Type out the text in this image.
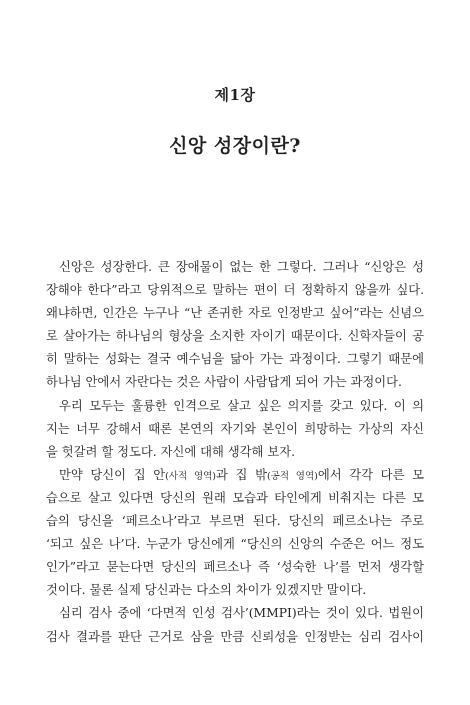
제1장
신앙 성장이란?
신앙은 성장한다. 큰 장애물이 없는 한 그렇다. 그러나 “신앙은 성
장해야 한다”라고 당위적으로 말하는 편이 더 정확하지 않을까 싶다.
왜냐하면, 인간은 누구나 “난 존귀한 자로 인정받고 싶어”라는 신념으
로 살아가는 하나님의 형상을 소지한 자이기 때문이다. 신학자들이 공
히 말하는 성화는 결국 예수님을 닮아 가는 과정이다. 그렇기 때문에
하나님 안에서 자란다는 것은 사람이 사람답게 되어 가는 과정이다.
우리 모두는 훌륭한 인격으로 살고 싶은 의지를 갖고 있다. 이 의
지는 너무 강해서 때론 본연의 자기와 본인이 희망하는 가상의 자신
을 헛갈려 할 정도다. 자신에 대해 생각해 보자.
만약 당신이 집 안(사적 영역)과 집 밖(공적 영역)에서 각각 다른 모
습으로 살고 있다면 당신의 원래 모습과 타인에게 비춰지는 다른 모
습의 당신을 ‘페르소나’라고 부르면 된다. 당신의 페르소나는 주로
‘되고 싶은 나’다. 누군가 당신에게 “당신의 신앙의 수준은 어느 정도
인가”라고 묻는다면 당신의 페르소나 즉 ‘성숙한 나’를 먼저 생각할
것이다. 물론 실제 당신과는 다소의 차이가 있겠지만 말이다.
심리 검사 중에 ‘다면적 인성 검사’(MMPI)라는 것이 있다. 법원이
검사 결과를 판단 근거로 삼을 만큼 신뢰성을 인정받는 심리 검사이
